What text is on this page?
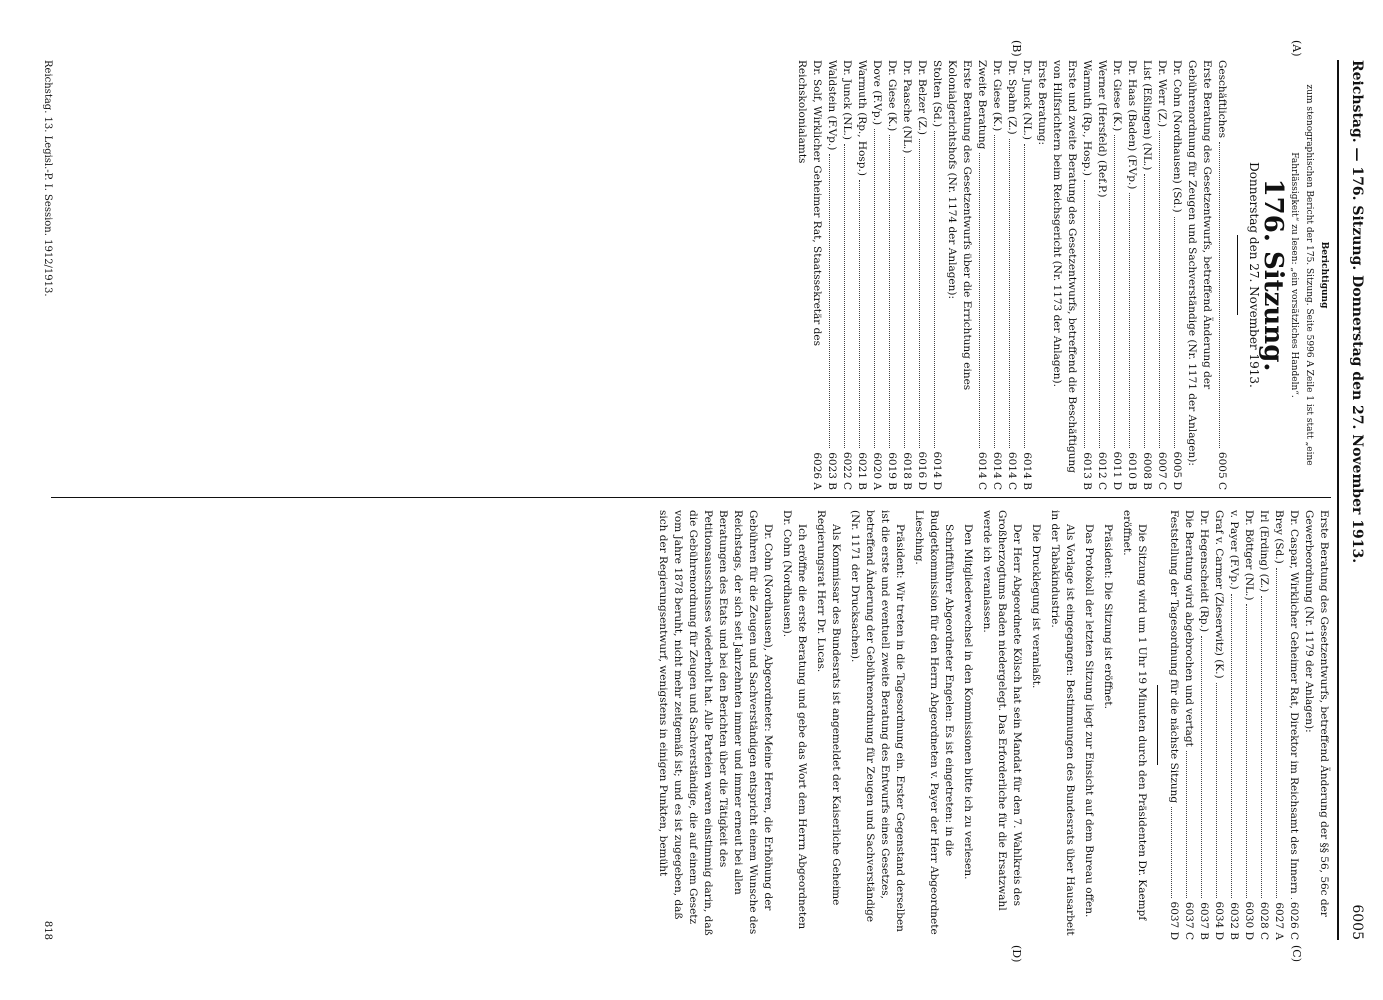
Reichstag. — 176. Sitzung. Donnerstag den 27. November 1913.
6005
(A)
(B)
(C)
(D)
Berichtigung
zum stenographischen Bericht der 175. Sitzung. Seite 5996 A Zeile 1 ist statt „eine Fahrlässigkeit“ zu lesen: „ein vorsätzliches Handeln“.
176. Sitzung.
Donnerstag den 27. November 1913.
Geschäftliches
6005 C
Erste Beratung des Gesetzentwurfs, betreffend Änderung der Gebührenordnung für Zeugen und Sachverständige (Nr. 1171 der Anlagen):
Dr. Cohn (Nordhausen) (Sd.)
6005 D
Dr. Werr (Z.)
6007 C
List (Eßlingen) (NL.)
6008 B
Dr. Haas (Baden) (F.Vp.)
6010 B
Dr. Giese (K.)
6011 D
Werner (Hersfeld) (Ref.P.)
6012 C
Warmuth (Rp., Hosp.)
6013 B
Erste und zweite Beratung des Gesetzentwurfs, betreffend die Beschäftigung von Hilfsrichtern beim Reichsgericht (Nr. 1173 der Anlagen).
Erste Beratung:
Dr. Junck (NL.)
6014 B
Dr. Spahn (Z.)
6014 C
Dr. Giese (K.)
6014 C
Zweite Beratung
6014 C
Erste Beratung des Gesetzentwurfs über die Errichtung eines Kolonialgerichtshofs (Nr. 1174 der Anlagen):
Stolten (Sd.)
6014 D
Dr. Belzer (Z.)
6016 D
Dr. Paasche (NL.)
6018 B
Dr. Giese (K.)
6019 B
Dove (F.Vp.)
6020 A
Warmuth (Rp., Hosp.)
6021 B
Dr. Junck (NL.)
6022 C
Waldstein (F.Vp.)
6023 B
Dr. Solf, Wirklicher Geheimer Rat, Staatssekretär des Reichskolonialamts
6026 A
Erste Beratung des Gesetzentwurfs, betreffend Änderung der §§ 56, 56c der Gewerbeordnung (Nr. 1179 der Anlagen):
Dr. Caspar, Wirklicher Geheimer Rat, Direktor im Reichsamt des Innern
6026 C
Brey (Sd.)
6027 A
Irl (Erding) (Z.)
6028 C
Dr. Böttger (NL.)
6030 D
v. Payer (F.Vp.)
6032 B
Graf v. Carmer (Zieserwitz) (K.)
6034 D
Dr. Hegenscheidt (Rp.)
6037 B
Die Beratung wird abgebrochen und vertagt
6037 C
Feststellung der Tagesordnung für die nächste Sitzung
6037 D

Die Sitzung wird um 1 Uhr 19 Minuten durch den Präsidenten Dr. Kaempf eröffnet.

Präsident: Die Sitzung ist eröffnet.

Das Protokoll der letzten Sitzung liegt zur Einsicht auf dem Bureau offen.

Als Vorlage ist eingegangen: Bestimmungen des Bundesrats über Hausarbeit in der Tabakindustrie.

Die Drucklegung ist veranlaßt.

Der Herr Abgeordnete Kölsch hat sein Mandat für den 7. Wahlkreis des Großherzogtums Baden niedergelegt. Das Erforderliche für die Ersatzwahl werde ich veranlassen.

Den Mitgliederwechsel in den Kommissionen bitte ich zu verlesen.

Schriftführer Abgeordneter Engelen: Es ist eingetreten: in die Budgetkommission für den Herrn Abgeordneten v. Payer der Herr Abgeordnete Liesching.

Präsident: Wir treten in die Tagesordnung ein. Erster Gegenstand derselben ist die erste und eventuell zweite Beratung des Entwurfs eines Gesetzes, betreffend Änderung der Gebührenordnung für Zeugen und Sachverständige (Nr. 1171 der Drucksachen).

Als Kommissar des Bundesrats ist angemeldet der Kaiserliche Geheime Regierungsrat Herr Dr. Lucas.

Ich eröffne die erste Beratung und gebe das Wort dem Herrn Abgeordneten Dr. Cohn (Nordhausen).

Dr. Cohn (Nordhausen), Abgeordneter: Meine Herren, die Erhöhung der Gebühren für die Zeugen und Sachverständigen entspricht einem Wunsche des Reichstags, der sich seit Jahrzehnten immer und immer erneut bei allen Beratungen des Etats und bei den Berichten über die Tätigkeit des Petitionsausschusses wiederholt hat. Alle Parteien waren einstimmig darin, daß die Gebührenordnung für Zeugen und Sachverständige, die auf einem Gesetz vom Jahre 1878 beruht, nicht mehr zeitgemäß ist; und es ist zugegeben, daß sich der Regierungsentwurf, wenigstens in einigen Punkten, bemüht

Reichstag. 13. Legisl.-P. I. Session. 1912/1913.
818
